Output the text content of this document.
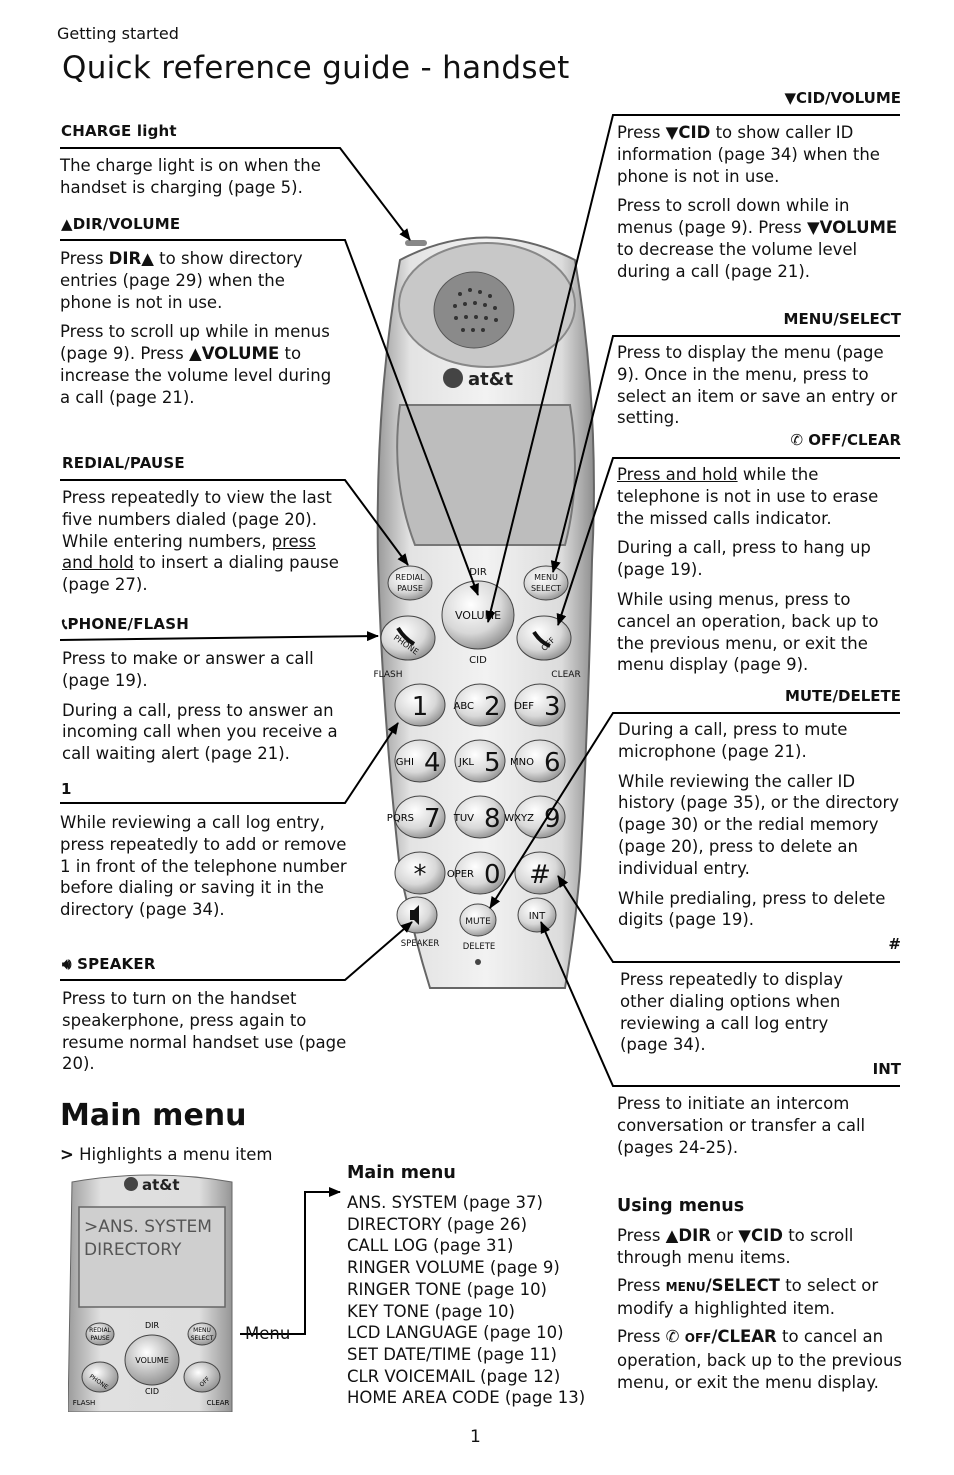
Getting started
Quick reference guide - handset
at&t
REDIAL
PAUSE
MENU
SELECT
DIR
VOLUME
CID
PHONE	OFF
FLASH	CLEAR
1	ABC 2 DEF 3
GHI 4 JKL 5 MNO 6
PQRS 7 TUV 8 WXYZ 9
* OPER 0 #
SPEAKER
MUTE
DELETE
INT
CHARGE light
The charge light is on when the handset is charging (page 5).
▲DIR/VOLUME
Press DIR▲ to show directory entries (page 29) when the phone is not in use.
Press to scroll up while in menus (page 9). Press ▲VOLUME to increase the volume level during a call (page 21).
REDIAL/PAUSE
Press repeatedly to view the last five numbers dialed (page 20). While entering numbers, press and hold to insert a dialing pause (page 27).
📞︎PHONE/FLASH
Press to make or answer a call (page 19).
During a call, press to answer an incoming call when you receive a call waiting alert (page 21).
1
While reviewing a call log entry, press repeatedly to add or remove 1 in front of the telephone number before dialing or saving it in the directory (page 34).
🔊︎ SPEAKER
Press to turn on the handset speakerphone, press again to resume normal handset use (page 20).
▼CID/VOLUME
Press ▼CID to show caller ID information (page 34) when the phone is not in use.
Press to scroll down while in menus (page 9). Press ▼VOLUME to decrease the volume level during a call (page 21).
MENU/SELECT
Press to display the menu (page 9). Once in the menu, press to select an item or save an entry or setting.
✆ OFF/CLEAR
Press and hold while the telephone is not in use to erase the missed calls indicator.
During a call, press to hang up (page 19).
While using menus, press to cancel an operation, back up to the previous menu, or exit the menu display (page 9).
MUTE/DELETE
During a call, press to mute microphone (page 21).
While reviewing the caller ID history (page 35), or the directory (page 30) or the redial memory (page 20), press to delete an individual entry.
While predialing, press to delete digits (page 19).
#
Press repeatedly to display other dialing options when reviewing a call log entry (page 34).
INT
Press to initiate an intercom conversation or transfer a call (pages 24-25).
Using menus
Press ▲DIR or ▼CID to scroll through menu items.
Press MENU/SELECT to select or modify a highlighted item.
Press ✆ OFF/CLEAR to cancel an operation, back up to the previous menu, or exit the menu display.
Main menu
> Highlights a menu item
at&t
>ANS. SYSTEM
DIRECTORY
REDIAL
PAUSE
MENU
SELECT
DIR
VOLUME
CID
PHONE	OFF
FLASH	CLEAR
Menu
Main menu
ANS. SYSTEM (page 37)
DIRECTORY (page 26)
CALL LOG (page 31)
RINGER VOLUME (page 9)
RINGER TONE (page 10)
KEY TONE (page 10)
LCD LANGUAGE (page 10)
SET DATE/TIME (page 11)
CLR VOICEMAIL (page 12)
HOME AREA CODE (page 13)
1
